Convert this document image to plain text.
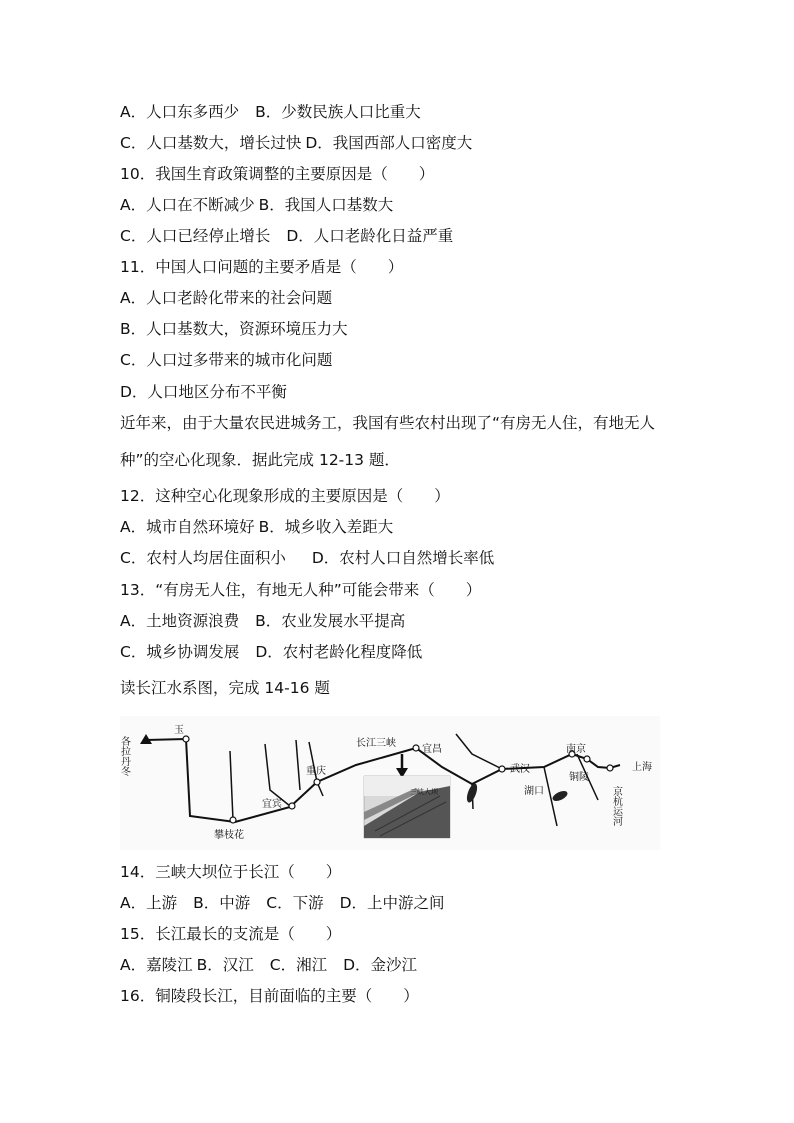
A．人口东多西少 B．少数民族人口比重大
C．人口基数大，增长过快 D．我国西部人口密度大
10．我国生育政策调整的主要原因是（　　）
A．人口在不断减少 B．我国人口基数大
C．人口已经停止增长 D．人口老龄化日益严重
11．中国人口问题的主要矛盾是（　　）
A．人口老龄化带来的社会问题
B．人口基数大，资源环境压力大
C．人口过多带来的城市化问题
D．人口地区分布不平衡
近年来，由于大量农民进城务工，我国有些农村出现了“有房无人住，有地无人
种”的空心化现象．据此完成 12-13 题．
12．这种空心化现象形成的主要原因是（　　）
A．城市自然环境好 B．城乡收入差距大
C．农村人均居住面积小 D．农村人口自然增长率低
13．“有房无人住，有地无人种”可能会带来（　　）
A．土地资源浪费 B．农业发展水平提高
C．城乡协调发展 D．农村老龄化程度降低
读长江水系图，完成 14-16 题
各拉丹冬
玉
攀枝花
宜宾
重庆
长江三峡
宜昌
三峡大坝
武汉
湖口
南京
铜陵
上海
京杭运河
14．三峡大坝位于长江（　　）
A．上游 B．中游 C．下游 D．上中游之间
15．长江最长的支流是（　　）
A．嘉陵江 B．汉江 C．湘江 D．金沙江
16．铜陵段长江，目前面临的主要（　　）
